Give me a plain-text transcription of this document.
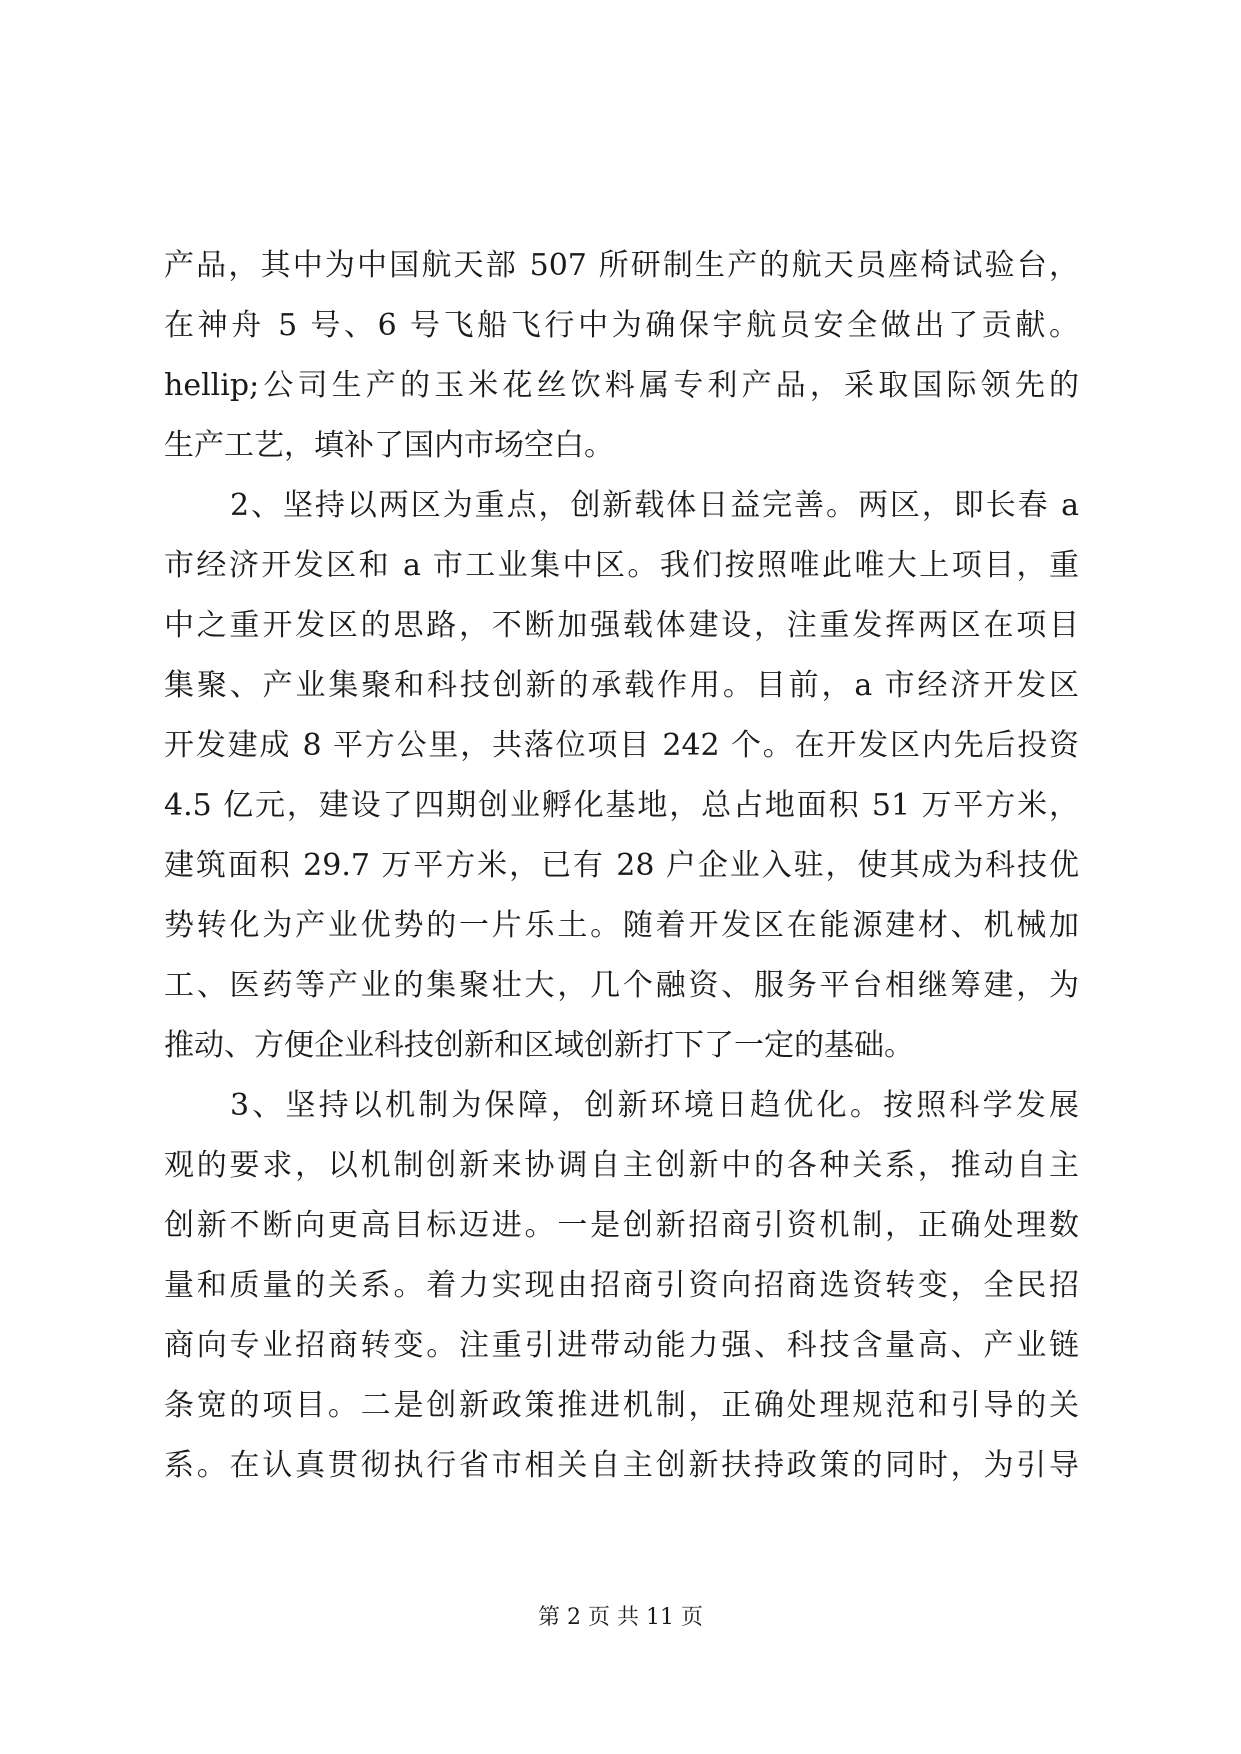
产品，其中为中国航天部 507 所研制生产的航天员座椅试验台，
在神舟 5 号、6 号飞船飞行中为确保宇航员安全做出了贡献。
hellip;公司生产的玉米花丝饮料属专利产品，采取国际领先的
生产工艺，填补了国内市场空白。
2、坚持以两区为重点，创新载体日益完善。两区，即长春 a
市经济开发区和 a 市工业集中区。我们按照唯此唯大上项目，重
中之重开发区的思路，不断加强载体建设，注重发挥两区在项目
集聚、产业集聚和科技创新的承载作用。目前，a 市经济开发区
开发建成 8 平方公里，共落位项目 242 个。在开发区内先后投资
4.5 亿元，建设了四期创业孵化基地，总占地面积 51 万平方米，
建筑面积 29.7 万平方米，已有 28 户企业入驻，使其成为科技优
势转化为产业优势的一片乐土。随着开发区在能源建材、机械加
工、医药等产业的集聚壮大，几个融资、服务平台相继筹建，为
推动、方便企业科技创新和区域创新打下了一定的基础。
3、坚持以机制为保障，创新环境日趋优化。按照科学发展
观的要求，以机制创新来协调自主创新中的各种关系，推动自主
创新不断向更高目标迈进。一是创新招商引资机制，正确处理数
量和质量的关系。着力实现由招商引资向招商选资转变，全民招
商向专业招商转变。注重引进带动能力强、科技含量高、产业链
条宽的项目。二是创新政策推进机制，正确处理规范和引导的关
系。在认真贯彻执行省市相关自主创新扶持政策的同时，为引导
第 2 页 共 11 页
